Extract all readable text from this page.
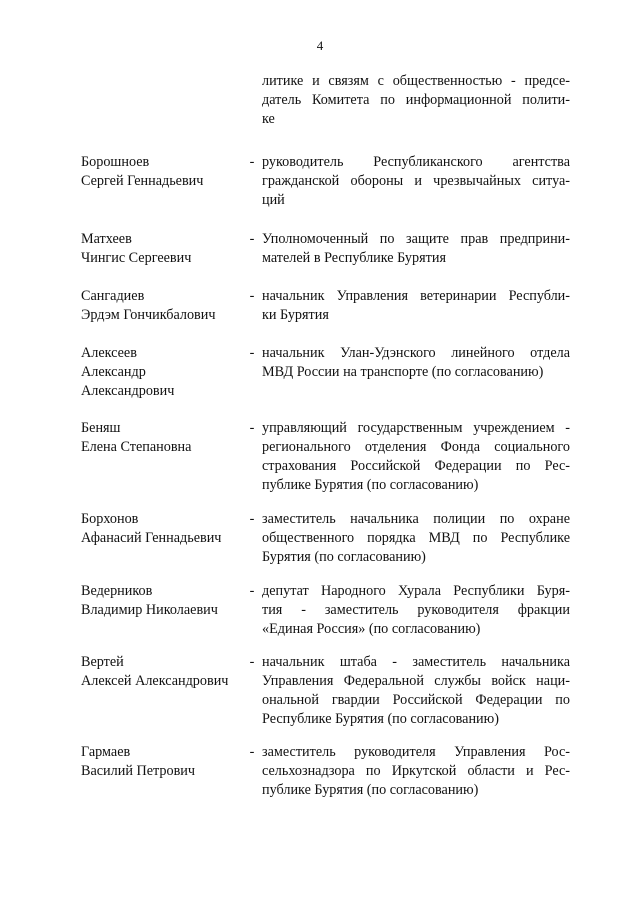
4
литике и связям с общественностью - предсе-
датель Комитета по информационной полити-
ке
Борошноев
Сергей Геннадьевич
- руководитель Республиканского агентства
гражданской обороны и чрезвычайных ситуа-
ций
Матхеев
Чингис Сергеевич
- Уполномоченный по защите прав предприни-
мателей в Республике Бурятия
Сангадиев
Эрдэм Гончикбалович
- начальник Управления ветеринарии Республи-
ки Бурятия
Алексеев
Александр
Александрович
- начальник Улан-Удэнского линейного отдела
МВД России на транспорте (по согласованию)
Беняш
Елена Степановна
- управляющий государственным учреждением -
регионального отделения Фонда социального
страхования Российской Федерации по Рес-
публике Бурятия (по согласованию)
Борхонов
Афанасий Геннадьевич
- заместитель начальника полиции по охране
общественного порядка МВД по Республике
Бурятия (по согласованию)
Ведерников
Владимир Николаевич
- депутат Народного Хурала Республики Буря-
тия - заместитель руководителя фракции
«Единая Россия» (по согласованию)
Вертей
Алексей Александрович
- начальник штаба - заместитель начальника
Управления Федеральной службы войск наци-
ональной гвардии Российской Федерации по
Республике Бурятия (по согласованию)
Гармаев
Василий Петрович
- заместитель руководителя Управления Рос-
сельхознадзора по Иркутской области и Рес-
публике Бурятия (по согласованию)
